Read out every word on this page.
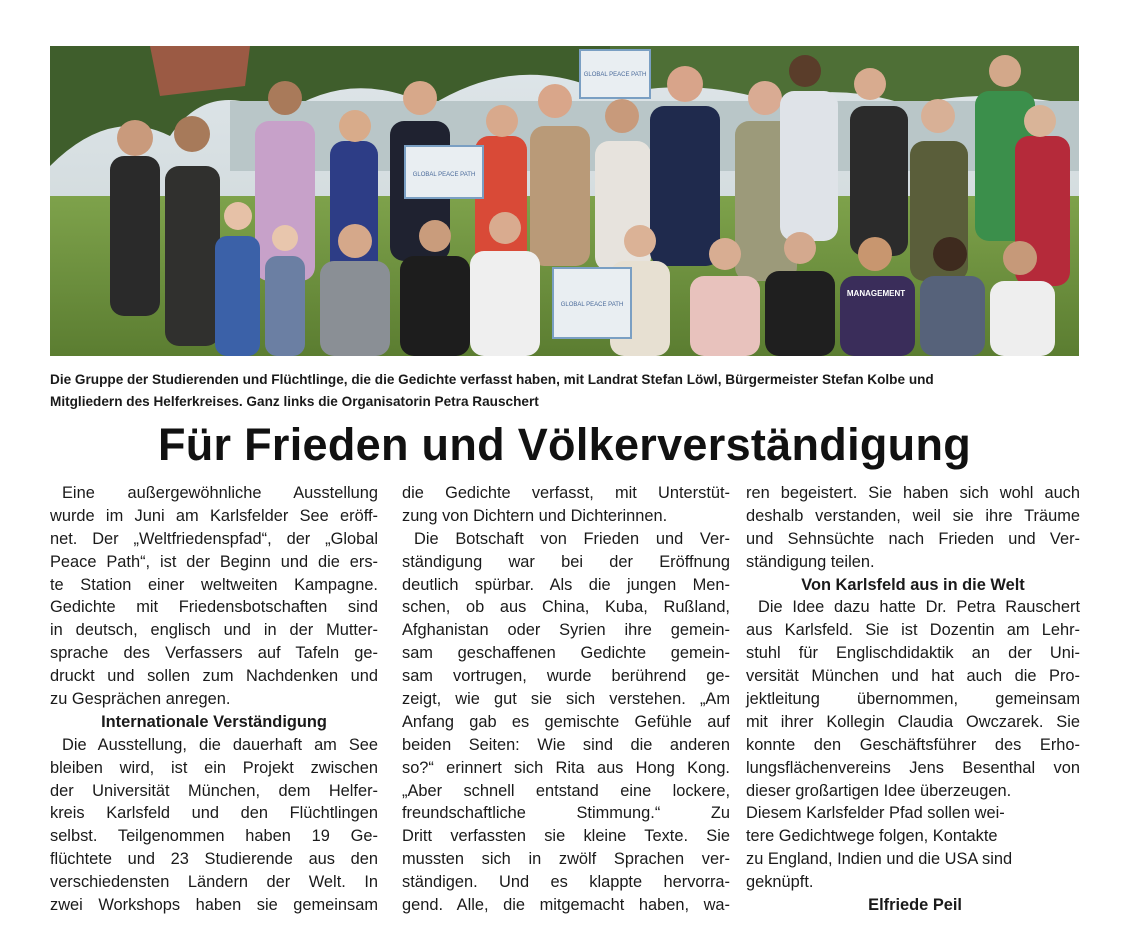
GLOBAL PEACE PATH
GLOBAL PEACE PATH
GLOBAL PEACE PATH
MANAGEMENT
Die Gruppe der Studierenden und Flüchtlinge, die die Gedichte verfasst haben, mit Landrat Stefan Löwl, Bürgermeister Stefan Kolbe und
Mitgliedern des Helferkreises. Ganz links die Organisatorin Petra Rauschert
Für Frieden und Völkerverständigung
Eine außergewöhnliche Ausstellung
wurde im Juni am Karlsfelder See eröff-
net. Der „Weltfriedenspfad“, der „Global
Peace Path“, ist der Beginn und die ers-
te Station einer weltweiten Kampagne.
Gedichte mit Friedensbotschaften sind
in deutsch, englisch und in der Mutter-
sprache des Verfassers auf Tafeln ge-
druckt und sollen zum Nachdenken und
zu Gesprächen anregen.
Internationale Verständigung
Die Ausstellung, die dauerhaft am See
bleiben wird, ist ein Projekt zwischen
der Universität München, dem Helfer-
kreis Karlsfeld und den Flüchtlingen
selbst. Teilgenommen haben 19 Ge-
flüchtete und 23 Studierende aus den
verschiedensten Ländern der Welt. In
zwei Workshops haben sie gemeinsam
die Gedichte verfasst, mit Unterstüt-
zung von Dichtern und Dichterinnen.
Die Botschaft von Frieden und Ver-
ständigung war bei der Eröffnung
deutlich spürbar. Als die jungen Men-
schen, ob aus China, Kuba, Rußland,
Afghanistan oder Syrien ihre gemein-
sam geschaffenen Gedichte gemein-
sam vortrugen, wurde berührend ge-
zeigt, wie gut sie sich verstehen. „Am
Anfang gab es gemischte Gefühle auf
beiden Seiten: Wie sind die anderen
so?“ erinnert sich Rita aus Hong Kong.
„Aber schnell entstand eine lockere,
freundschaftliche Stimmung.“ Zu
Dritt verfassten sie kleine Texte. Sie
mussten sich in zwölf Sprachen ver-
ständigen. Und es klappte hervorra-
gend. Alle, die mitgemacht haben, wa-
ren begeistert. Sie haben sich wohl auch
deshalb verstanden, weil sie ihre Träume
und Sehnsüchte nach Frieden und Ver-
ständigung teilen.
Von Karlsfeld aus in die Welt
Die Idee dazu hatte Dr. Petra Rauschert
aus Karlsfeld. Sie ist Dozentin am Lehr-
stuhl für Englischdidaktik an der Uni-
versität München und hat auch die Pro-
jektleitung übernommen, gemeinsam
mit ihrer Kollegin Claudia Owczarek. Sie
konnte den Geschäftsführer des Erho-
lungsflächenvereins Jens Besenthal von
dieser großartigen Idee überzeugen.
Diesem Karlsfelder Pfad sollen wei-
tere Gedichtwege folgen, Kontakte
zu England, Indien und die USA sind
geknüpft.
Elfriede Peil
